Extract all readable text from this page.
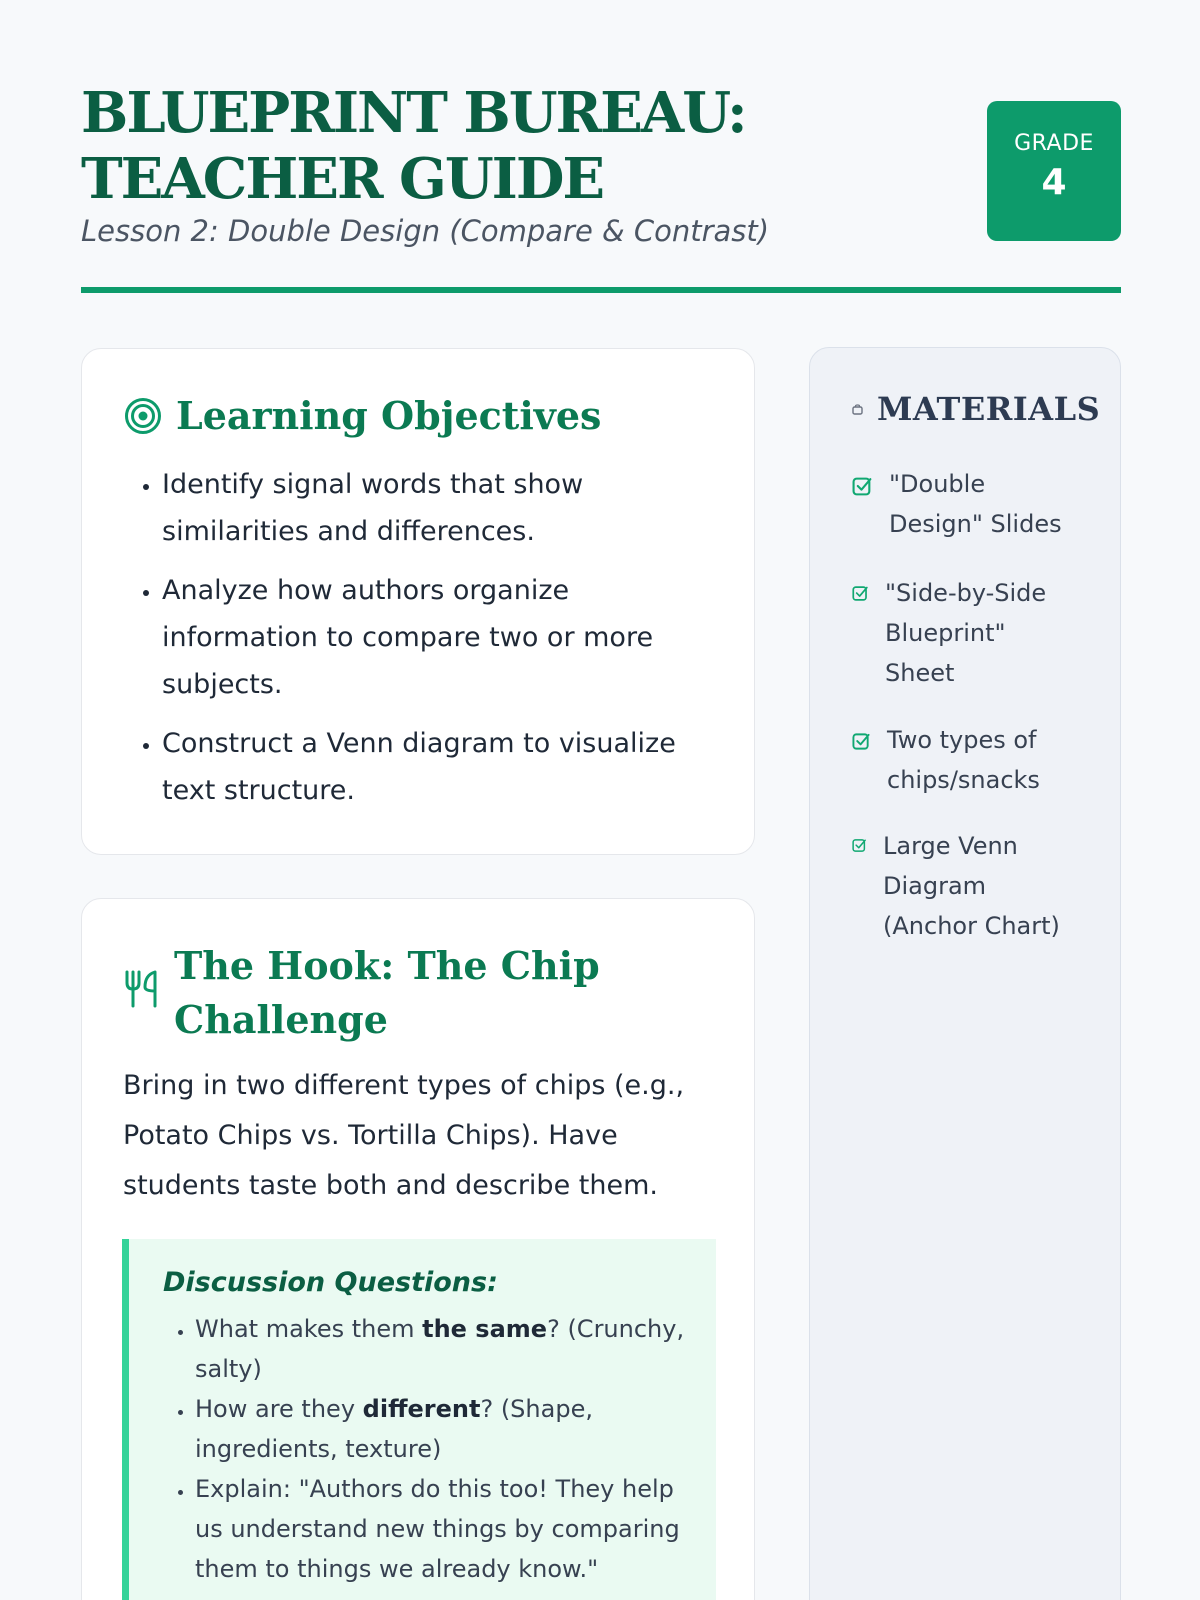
BLUEPRINT BUREAU: TEACHER GUIDE
Lesson 2: Double Design (Compare & Contrast)
GRADE
4
Learning Objectives
• Identify signal words that show similarities and differences.
• Analyze how authors organize information to compare two or more subjects.
• Construct a Venn diagram to visualize text structure.
The Hook: The Chip Challenge

Bring in two different types of chips (e.g., Potato Chips vs. Tortilla Chips). Have students taste both and describe them.

Discussion Questions:
• What makes them the same? (Crunchy, salty)
• How are they different? (Shape, ingredients, texture)
• Explain: "Authors do this too! They help us understand new things by comparing them to things we already know."
MATERIALS
"Double Design" Slides
"Side-by-Side Blueprint" Sheet
Two types of chips/snacks
Large Venn Diagram (Anchor Chart)
